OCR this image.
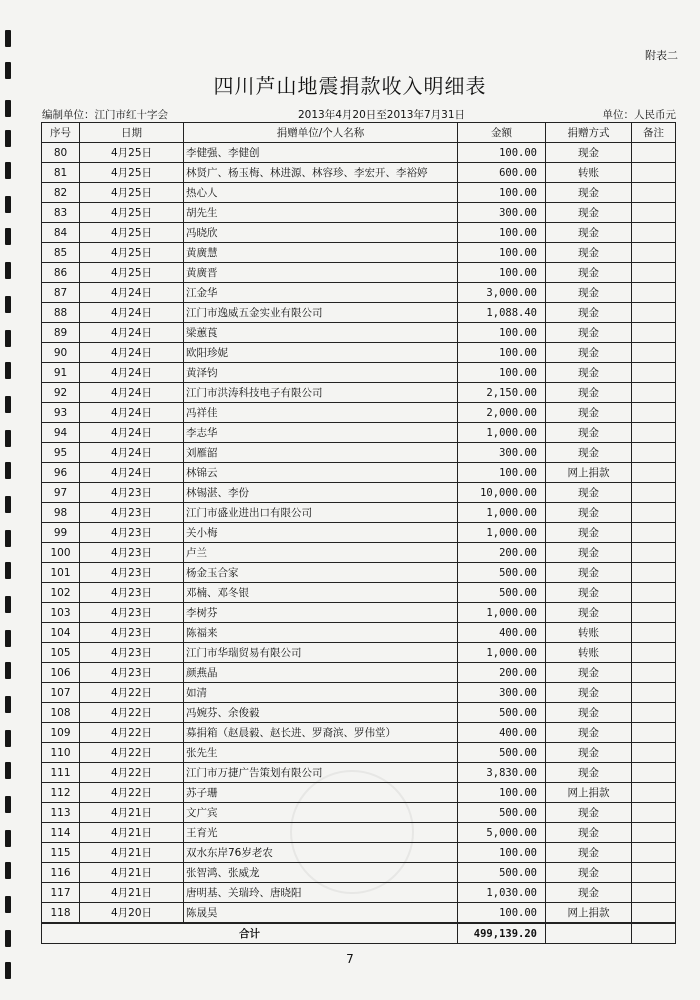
附表二
四川芦山地震捐款收入明细表
编制单位：江门市红十字会	2013年4月20日至2013年7月31日	单位：人民币元
序号	日期	捐赠单位/个人名称	金额	捐赠方式	备注
80	4月25日	李健强、李健创	100.00	现金	
81	4月25日	林贤广、杨玉梅、林进源、林容珍、李宏开、李裕婷	600.00	转账	
82	4月25日	热心人	100.00	现金	
83	4月25日	胡先生	300.00	现金	
84	4月25日	冯晓欣	100.00	现金	
85	4月25日	黄廣慧	100.00	现金	
86	4月25日	黄廣晋	100.00	现金	
87	4月24日	江金华	3,000.00	现金	
88	4月24日	江门市逸威五金实业有限公司	1,088.40	现金	
89	4月24日	梁蕙莨	100.00	现金	
90	4月24日	欧阳珍妮	100.00	现金	
91	4月24日	黄泽钧	100.00	现金	
92	4月24日	江门市洪涛科技电子有限公司	2,150.00	现金	
93	4月24日	冯祥佳	2,000.00	现金	
94	4月24日	李志华	1,000.00	现金	
95	4月24日	刘雁韶	300.00	现金	
96	4月24日	林锦云	100.00	网上捐款	
97	4月23日	林锡湛、李份	10,000.00	现金	
98	4月23日	江门市盛业进出口有限公司	1,000.00	现金	
99	4月23日	关小梅	1,000.00	现金	
100	4月23日	卢兰	200.00	现金	
101	4月23日	杨金玉合家	500.00	现金	
102	4月23日	邓楠、邓冬银	500.00	现金	
103	4月23日	李树芬	1,000.00	现金	
104	4月23日	陈福来	400.00	转账	
105	4月23日	江门市华瑞贸易有限公司	1,000.00	转账	
106	4月23日	颜燕晶	200.00	现金	
107	4月22日	如清	300.00	现金	
108	4月22日	冯婉芬、余俊毅	500.00	现金	
109	4月22日	募捐箱（赵晨毅、赵长进、罗裔滨、罗伟堂）	400.00	现金	
110	4月22日	张先生	500.00	现金	
111	4月22日	江门市万捷广告策划有限公司	3,830.00	现金	
112	4月22日	苏子珊	100.00	网上捐款	
113	4月21日	文广宾	500.00	现金	
114	4月21日	王育光	5,000.00	现金	
115	4月21日	双水东岸76岁老农	100.00	现金	
116	4月21日	张智鸿、张威龙	500.00	现金	
117	4月21日	唐明基、关瑞玲、唐晓阳	1,030.00	现金	
118	4月20日	陈晟昊	100.00	网上捐款	
合计			499,139.20		
7
